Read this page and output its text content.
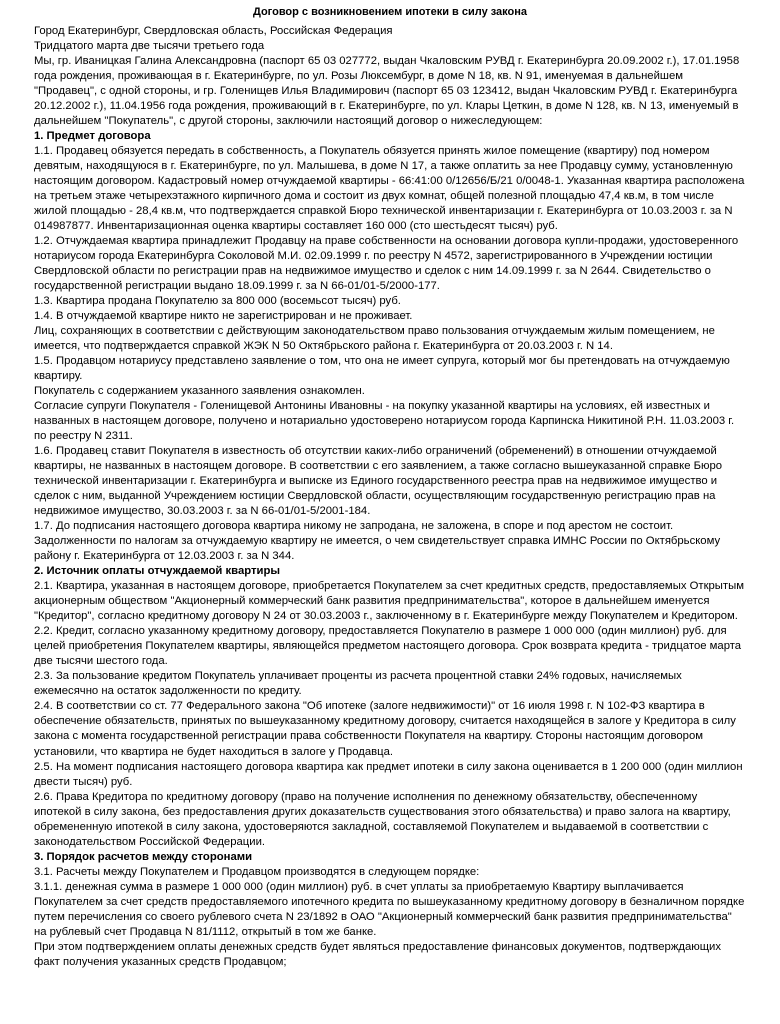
Договор с возникновением ипотеки в силу закона

Город Екатеринбург, Свердловская область, Российская Федерация

Тридцатого марта две тысячи третьего года

Мы, гр. Иваницкая Галина Александровна (паспорт 65 03 027772, выдан Чкаловским РУВД г. Екатеринбурга 20.09.2002 г.), 17.01.1958 года рождения, проживающая в г. Екатеринбурге, по ул. Розы Люксембург, в доме N 18, кв. N 91, именуемая в дальнейшем "Продавец", с одной стороны, и гр. Голенищев Илья Владимирович (паспорт 65 03 123412, выдан Чкаловским РУВД г. Екатеринбурга 20.12.2002 г.), 11.04.1956 года рождения, проживающий в г. Екатеринбурге, по ул. Клары Цеткин, в доме N 128, кв. N 13, именуемый в дальнейшем "Покупатель", с другой стороны, заключили настоящий договор о нижеследующем:

1. Предмет договора

1.1. Продавец обязуется передать в собственность, а Покупатель обязуется принять жилое помещение (квартиру) под номером девятым, находящуюся в г. Екатеринбурге, по ул. Малышева, в доме N 17, а также оплатить за нее Продавцу сумму, установленную настоящим договором. Кадастровый номер отчуждаемой квартиры - 66:41:00 0/12656/Б/21 0/0048-1. Указанная квартира расположена на третьем этаже четырехэтажного кирпичного дома и состоит из двух комнат, общей полезной площадью 47,4 кв.м, в том числе жилой площадью - 28,4 кв.м, что подтверждается справкой Бюро технической инвентаризации г. Екатеринбурга от 10.03.2003 г. за N 014987877. Инвентаризационная оценка квартиры составляет 160 000 (сто шестьдесят тысяч) руб.

1.2. Отчуждаемая квартира принадлежит Продавцу на праве собственности на основании договора купли-продажи, удостоверенного нотариусом города Екатеринбурга Соколовой М.И. 02.09.1999 г. по реестру N 4572, зарегистрированного в Учреждении юстиции Свердловской области по регистрации прав на недвижимое имущество и сделок с ним 14.09.1999 г. за N 2644. Свидетельство о государственной регистрации выдано 18.09.1999 г. за N 66-01/01-5/2000-177.

1.3. Квартира продана Покупателю за 800 000 (восемьсот тысяч) руб.

1.4. В отчуждаемой квартире никто не зарегистрирован и не проживает.

Лиц, сохраняющих в соответствии с действующим законодательством право пользования отчуждаемым жилым помещением, не имеется, что подтверждается справкой ЖЭК N 50 Октябрьского района г. Екатеринбурга от 20.03.2003 г. N 14.

1.5. Продавцом нотариусу представлено заявление о том, что она не имеет супруга, который мог бы претендовать на отчуждаемую квартиру.

Покупатель с содержанием указанного заявления ознакомлен.

Согласие супруги Покупателя - Голенищевой Антонины Ивановны - на покупку указанной квартиры на условиях, ей известных и названных в настоящем договоре, получено и нотариально удостоверено нотариусом города Карпинска Никитиной Р.Н. 11.03.2003 г. по реестру N 2311.

1.6. Продавец ставит Покупателя в известность об отсутствии каких-либо ограничений (обременений) в отношении отчуждаемой квартиры, не названных в настоящем договоре. В соответствии с его заявлением, а также согласно вышеуказанной справке Бюро технической инвентаризации г. Екатеринбурга и выписке из Единого государственного реестра прав на недвижимое имущество и сделок с ним, выданной Учреждением юстиции Свердловской области, осуществляющим государственную регистрацию прав на недвижимое имущество, 30.03.2003 г. за N 66-01/01-5/2001-184.

1.7. До подписания настоящего договора квартира никому не запродана, не заложена, в споре и под арестом не состоит. Задолженности по налогам за отчуждаемую квартиру не имеется, о чем свидетельствует справка ИМНС России по Октябрьскому району г. Екатеринбурга от 12.03.2003 г. за N 344.

2. Источник оплаты отчуждаемой квартиры

2.1. Квартира, указанная в настоящем договоре, приобретается Покупателем за счет кредитных средств, предоставляемых Открытым акционерным обществом "Акционерный коммерческий банк развития предпринимательства", которое в дальнейшем именуется "Кредитор", согласно кредитному договору N 24 от 30.03.2003 г., заключенному в г. Екатеринбурге между Покупателем и Кредитором.

2.2. Кредит, согласно указанному кредитному договору, предоставляется Покупателю в размере 1 000 000 (один миллион) руб. для целей приобретения Покупателем квартиры, являющейся предметом настоящего договора. Срок возврата кредита - тридцатое марта две тысячи шестого года.

2.3. За пользование кредитом Покупатель уплачивает проценты из расчета процентной ставки 24% годовых, начисляемых ежемесячно на остаток задолженности по кредиту.

2.4. В соответствии со ст. 77 Федерального закона "Об ипотеке (залоге недвижимости)" от 16 июля 1998 г. N 102-ФЗ квартира в обеспечение обязательств, принятых по вышеуказанному кредитному договору, считается находящейся в залоге у Кредитора в силу закона с момента государственной регистрации права собственности Покупателя на квартиру. Стороны настоящим договором установили, что квартира не будет находиться в залоге у Продавца.

2.5. На момент подписания настоящего договора квартира как предмет ипотеки в силу закона оценивается в 1 200 000 (один миллион двести тысяч) руб.

2.6. Права Кредитора по кредитному договору (право на получение исполнения по денежному обязательству, обеспеченному ипотекой в силу закона, без предоставления других доказательств существования этого обязательства) и право залога на квартиру, обремененную ипотекой в силу закона, удостоверяются закладной, составляемой Покупателем и выдаваемой в соответствии с законодательством Российской Федерации.

3. Порядок расчетов между сторонами

3.1. Расчеты между Покупателем и Продавцом производятся в следующем порядке:

3.1.1. денежная сумма в размере 1 000 000 (один миллион) руб. в счет уплаты за приобретаемую Квартиру выплачивается Покупателем за счет средств предоставляемого ипотечного кредита по вышеуказанному кредитному договору в безналичном порядке путем перечисления со своего рублевого счета N 23/1892 в ОАО "Акционерный коммерческий банк развития предпринимательства" на рублевый счет Продавца N 81/1112, открытый в том же банке.

При этом подтверждением оплаты денежных средств будет являться предоставление финансовых документов, подтверждающих факт получения указанных средств Продавцом;
